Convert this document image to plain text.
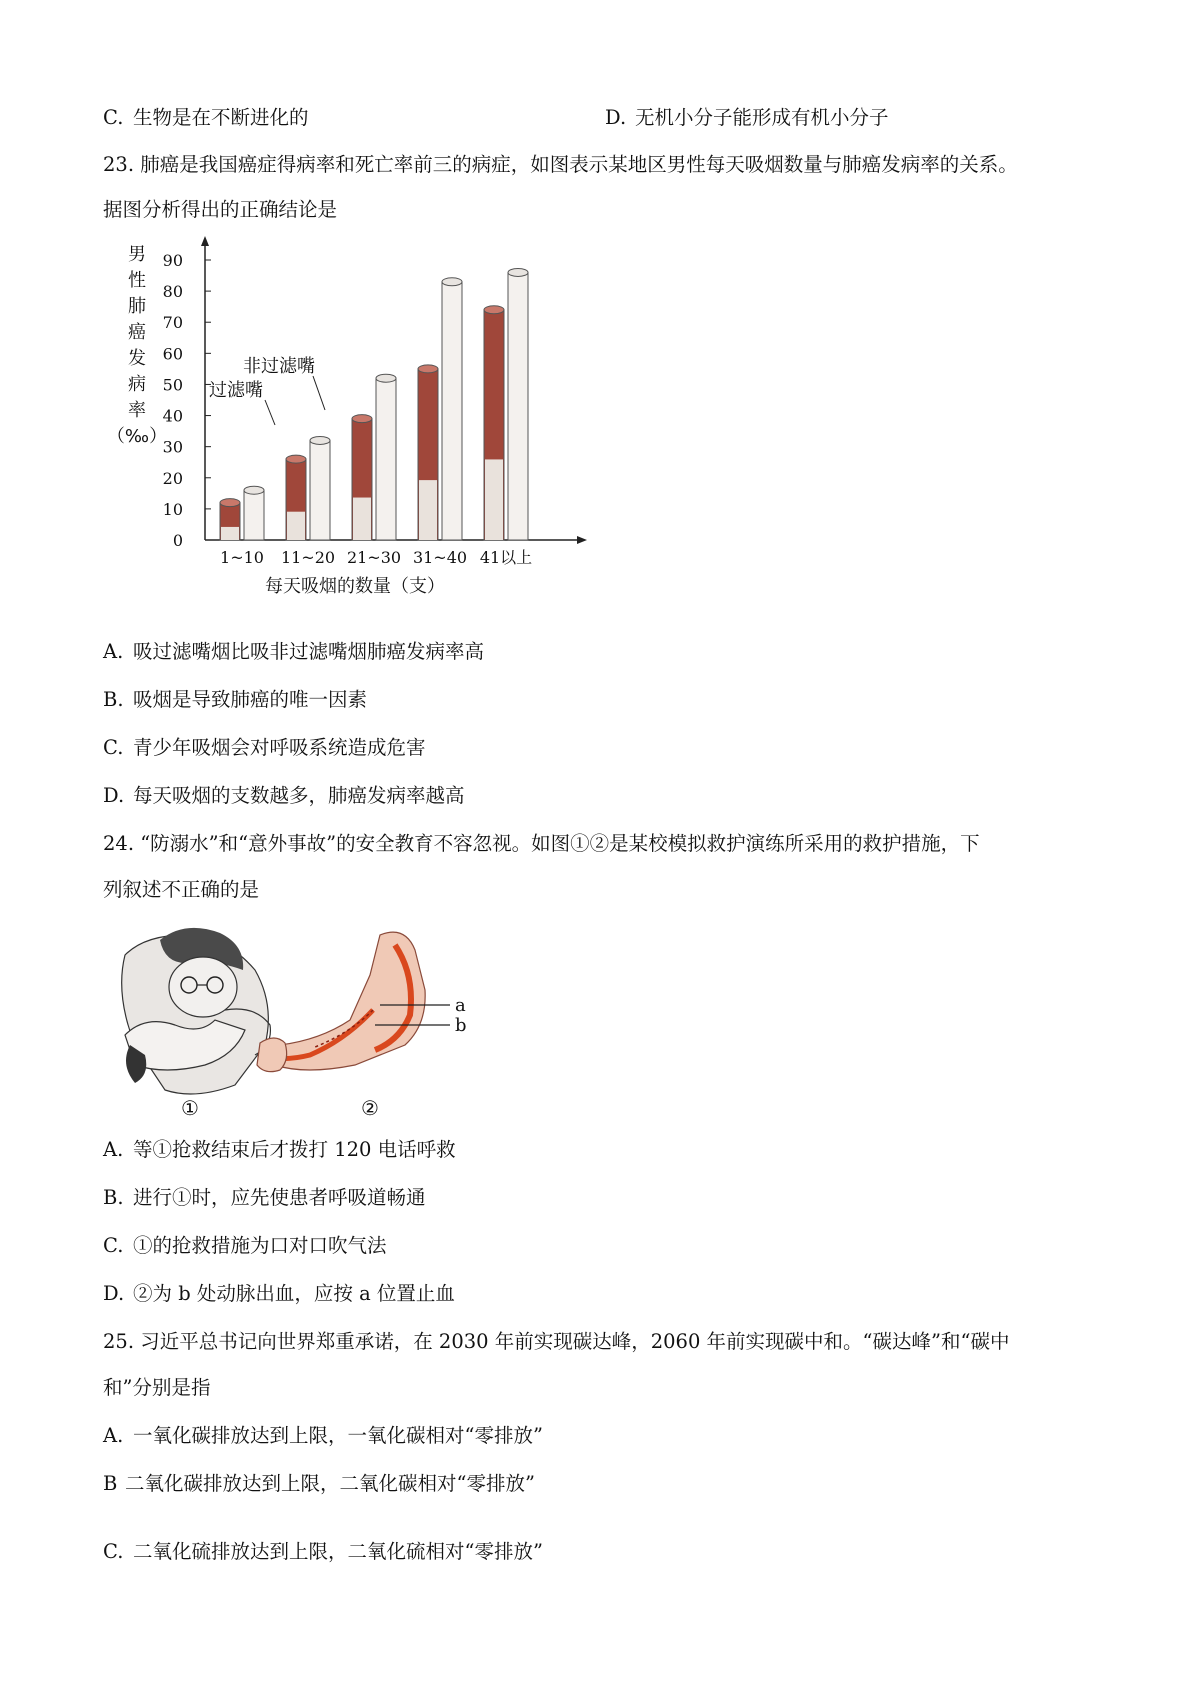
C. 生物是在不断进化的	D. 无机小分子能形成有机小分子
23. 肺癌是我国癌症得病率和死亡率前三的病症，如图表示某地区男性每天吸烟数量与肺癌发病率的关系。
据图分析得出的正确结论是
男
性
肺
癌
发
病
率
（‰）
0
10
20
30
40
50
60
70
80
90
1~10 11~20 21~30 31~40 41以上
非过滤嘴
过滤嘴
每天吸烟的数量（支）
A. 吸过滤嘴烟比吸非过滤嘴烟肺癌发病率高
B. 吸烟是导致肺癌的唯一因素
C. 青少年吸烟会对呼吸系统造成危害
D. 每天吸烟的支数越多，肺癌发病率越高
24. “防溺水”和“意外事故”的安全教育不容忽视。如图①②是某校模拟救护演练所采用的救护措施，下
列叙述不正确的是
①
a
b
②
A. 等①抢救结束后才拨打 120 电话呼救
B. 进行①时，应先使患者呼吸道畅通
C. ①的抢救措施为口对口吹气法
D. ②为 b 处动脉出血，应按 a 位置止血
25. 习近平总书记向世界郑重承诺，在 2030 年前实现碳达峰，2060 年前实现碳中和。“碳达峰”和“碳中
和”分别是指
A. 一氧化碳排放达到上限，一氧化碳相对“零排放”
B 二氧化碳排放达到上限，二氧化碳相对“零排放”
C. 二氧化硫排放达到上限，二氧化硫相对“零排放”
